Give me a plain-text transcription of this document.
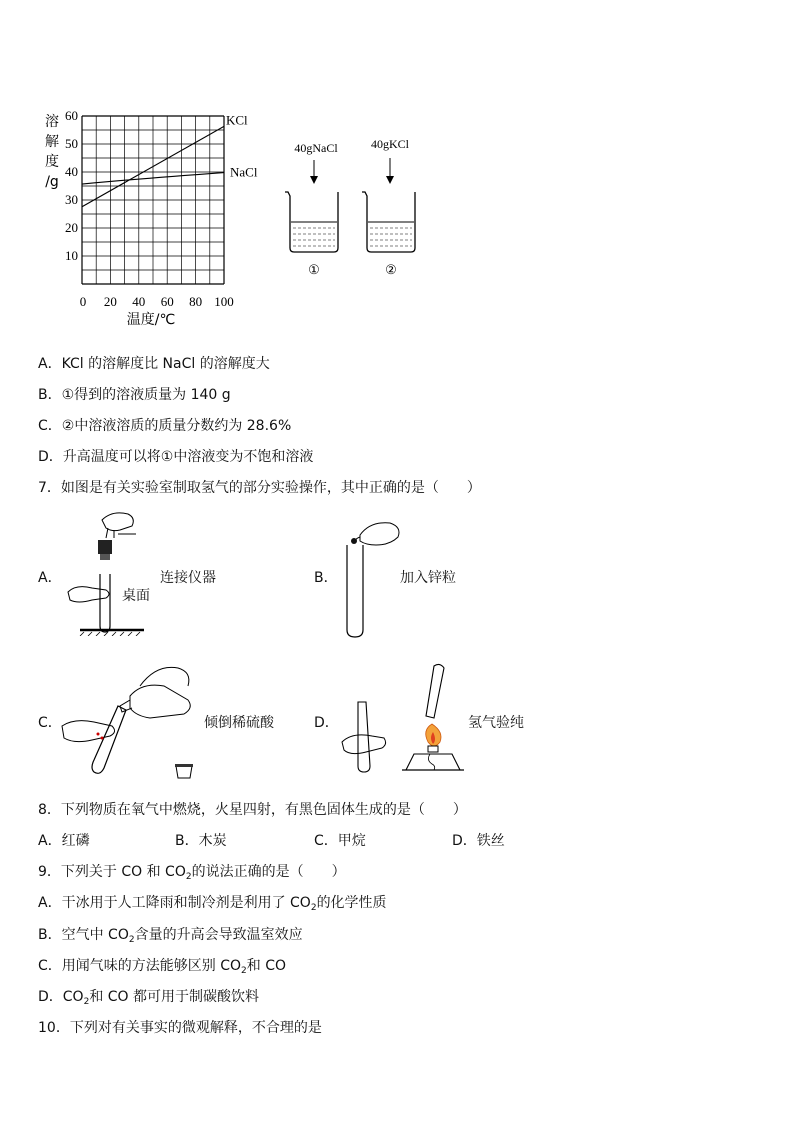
10
20
30
40
50
60
0 20 40 60 80 100
溶
解
度
/g
KCl
NaCl
温度/℃
40gNaCl
①
40gKCl
②
A．KCl 的溶解度比 NaCl 的溶解度大
B．①得到的溶液质量为 140 g
C．②中溶液溶质的质量分数约为 28.6%
D．升高温度可以将①中溶液变为不饱和溶液
7．如图是有关实验室制取氢气的部分实验操作，其中正确的是（　　）
A．	连接仪器
桌面
B．	加入锌粒
C．	倾倒稀硫酸	D．	氢气验纯
8．下列物质在氧气中燃烧，火星四射，有黑色固体生成的是（　　）
A．红磷	B．木炭	C．甲烷	D．铁丝
9．下列关于 CO 和 $CO_2$的说法正确的是（　　）
A．干冰用于人工降雨和制冷剂是利用了 $CO_2$的化学性质
B．空气中 $CO_2$含量的升高会导致温室效应
C．用闻气味的方法能够区别 $CO_2$和 CO
D．$CO_2$和 CO 都可用于制碳酸饮料
10．下列对有关事实的微观解释，不合理的是
